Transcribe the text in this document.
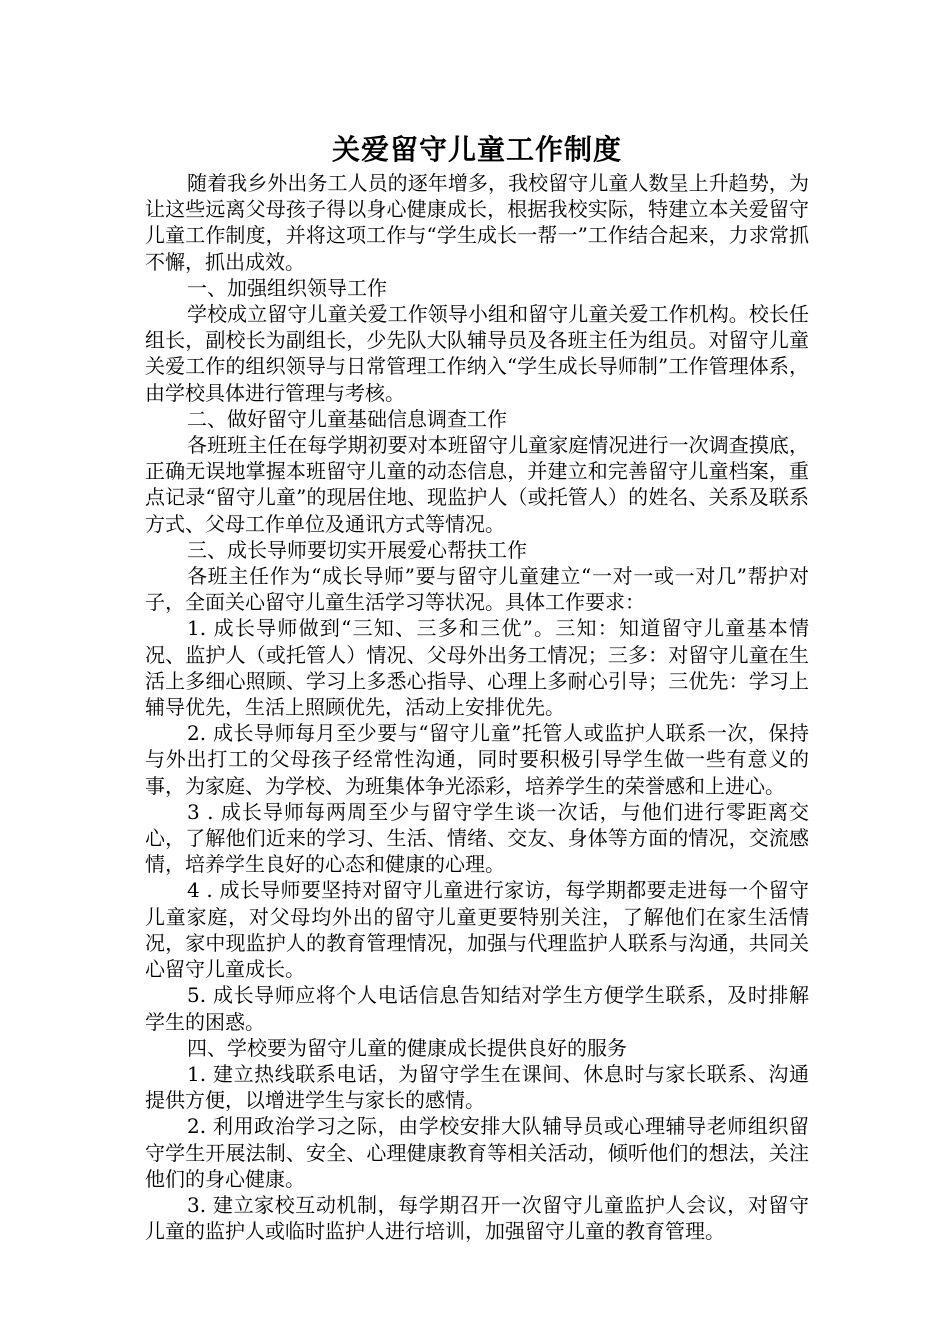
关爱留守儿童工作制度

随着我乡外出务工人员的逐年增多，我校留守儿童人数呈上升趋势，为让这些远离父母孩子得以身心健康成长，根据我校实际，特建立本关爱留守儿童工作制度，并将这项工作与“学生成长一帮一”工作结合起来，力求常抓不懈，抓出成效。

一、加强组织领导工作

学校成立留守儿童关爱工作领导小组和留守儿童关爱工作机构。校长任组长，副校长为副组长，少先队大队辅导员及各班主任为组员。对留守儿童关爱工作的组织领导与日常管理工作纳入“学生成长导师制”工作管理体系，由学校具体进行管理与考核。

二、做好留守儿童基础信息调查工作

各班班主任在每学期初要对本班留守儿童家庭情况进行一次调查摸底，正确无误地掌握本班留守儿童的动态信息，并建立和完善留守儿童档案，重点记录“留守儿童”的现居住地、现监护人（或托管人）的姓名、关系及联系方式、父母工作单位及通讯方式等情况。

三、成长导师要切实开展爱心帮扶工作

各班主任作为“成长导师”要与留守儿童建立“一对一或一对几”帮护对子，全面关心留守儿童生活学习等状况。具体工作要求：

1. 成长导师做到“三知、三多和三优”。三知：知道留守儿童基本情况、监护人（或托管人）情况、父母外出务工情况；三多：对留守儿童在生活上多细心照顾、学习上多悉心指导、心理上多耐心引导；三优先：学习上辅导优先，生活上照顾优先，活动上安排优先。

2. 成长导师每月至少要与“留守儿童”托管人或监护人联系一次，保持与外出打工的父母孩子经常性沟通，同时要积极引导学生做一些有意义的事，为家庭、为学校、为班集体争光添彩，培养学生的荣誉感和上进心。

3 . 成长导师每两周至少与留守学生谈一次话，与他们进行零距离交心，了解他们近来的学习、生活、情绪、交友、身体等方面的情况，交流感情，培养学生良好的心态和健康的心理。

4 . 成长导师要坚持对留守儿童进行家访，每学期都要走进每一个留守儿童家庭，对父母均外出的留守儿童更要特别关注，了解他们在家生活情况，家中现监护人的教育管理情况，加强与代理监护人联系与沟通，共同关心留守儿童成长。

5. 成长导师应将个人电话信息告知结对学生方便学生联系，及时排解学生的困惑。

四、学校要为留守儿童的健康成长提供良好的服务

1. 建立热线联系电话，为留守学生在课间、休息时与家长联系、沟通提供方便，以增进学生与家长的感情。

2. 利用政治学习之际，由学校安排大队辅导员或心理辅导老师组织留守学生开展法制、安全、心理健康教育等相关活动，倾听他们的想法，关注他们的身心健康。

3. 建立家校互动机制，每学期召开一次留守儿童监护人会议，对留守儿童的监护人或临时监护人进行培训，加强留守儿童的教育管理。
